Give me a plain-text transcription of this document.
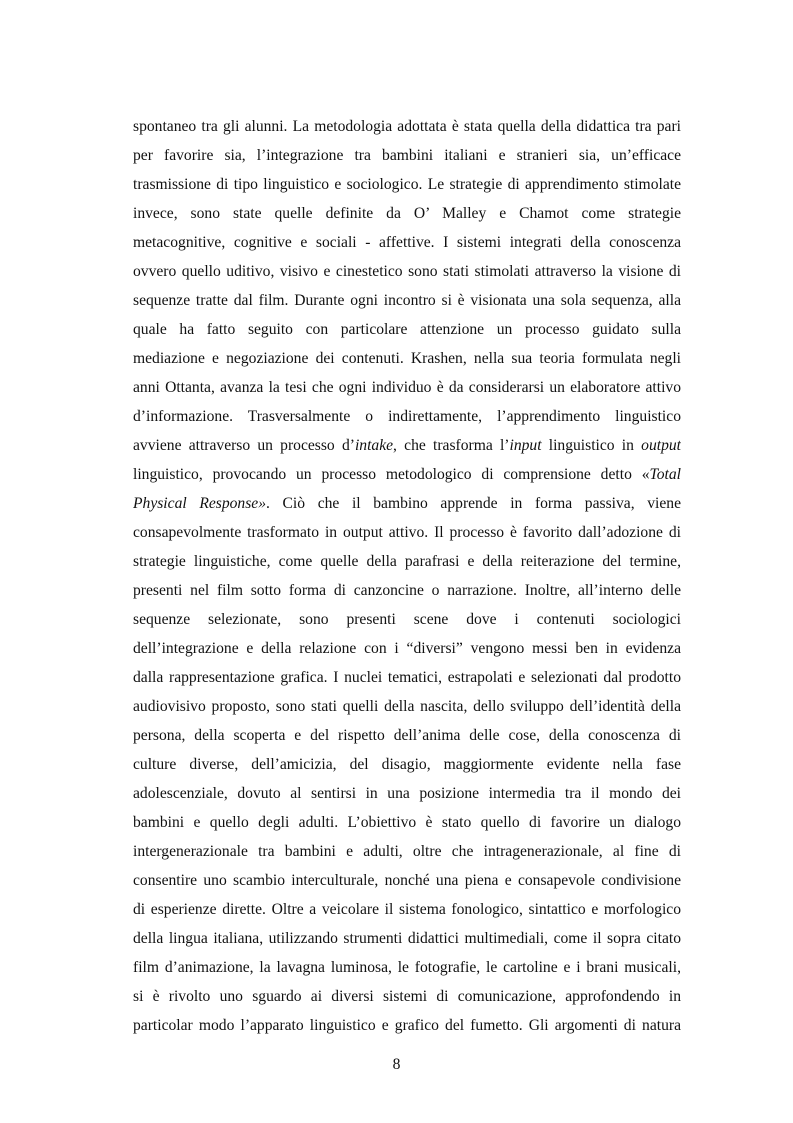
spontaneo tra gli alunni. La metodologia adottata è stata quella della didattica tra pari
per favorire sia, l’integrazione tra bambini italiani e stranieri sia, un’efficace
trasmissione di tipo linguistico e sociologico. Le strategie di apprendimento stimolate
invece, sono state quelle definite da O’ Malley e Chamot come strategie
metacognitive, cognitive e sociali - affettive. I sistemi integrati della conoscenza
ovvero quello uditivo, visivo e cinestetico sono stati stimolati attraverso la visione di
sequenze tratte dal film. Durante ogni incontro si è visionata una sola sequenza, alla
quale ha fatto seguito con particolare attenzione un processo guidato sulla
mediazione e negoziazione dei contenuti. Krashen, nella sua teoria formulata negli
anni Ottanta, avanza la tesi che ogni individuo è da considerarsi un elaboratore attivo
d’informazione. Trasversalmente o indirettamente, l’apprendimento linguistico
avviene attraverso un processo d’intake, che trasforma l’input linguistico in output
linguistico, provocando un processo metodologico di comprensione detto «Total
Physical Response». Ciò che il bambino apprende in forma passiva, viene
consapevolmente trasformato in output attivo. Il processo è favorito dall’adozione di
strategie linguistiche, come quelle della parafrasi e della reiterazione del termine,
presenti nel film sotto forma di canzoncine o narrazione. Inoltre, all’interno delle
sequenze selezionate, sono presenti scene dove i contenuti sociologici
dell’integrazione e della relazione con i “diversi” vengono messi ben in evidenza
dalla rappresentazione grafica. I nuclei tematici, estrapolati e selezionati dal prodotto
audiovisivo proposto, sono stati quelli della nascita, dello sviluppo dell’identità della
persona, della scoperta e del rispetto dell’anima delle cose, della conoscenza di
culture diverse, dell’amicizia, del disagio, maggiormente evidente nella fase
adolescenziale, dovuto al sentirsi in una posizione intermedia tra il mondo dei
bambini e quello degli adulti. L’obiettivo è stato quello di favorire un dialogo
intergenerazionale tra bambini e adulti, oltre che intragenerazionale, al fine di
consentire uno scambio interculturale, nonché una piena e consapevole condivisione
di esperienze dirette. Oltre a veicolare il sistema fonologico, sintattico e morfologico
della lingua italiana, utilizzando strumenti didattici multimediali, come il sopra citato
film d’animazione, la lavagna luminosa, le fotografie, le cartoline e i brani musicali,
si è rivolto uno sguardo ai diversi sistemi di comunicazione, approfondendo in
particolar modo l’apparato linguistico e grafico del fumetto. Gli argomenti di natura
8
